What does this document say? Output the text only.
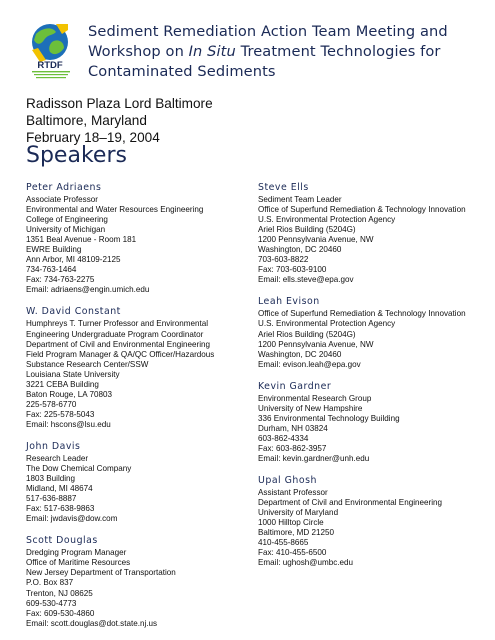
RTDF
Sediment Remediation Action Team Meeting and Workshop on In Situ Treatment Technologies for Contaminated Sediments
Radisson Plaza Lord Baltimore
Baltimore, Maryland
February 18–19, 2004
Speakers
Peter Adriaens
Associate Professor
Environmental and Water Resources Engineering
College of Engineering
University of Michigan
1351 Beal Avenue - Room 181
EWRE Building
Ann Arbor, MI 48109-2125
734-763-1464
Fax: 734-763-2275
Email: adriaens@engin.umich.edu
W. David Constant
Humphreys T. Turner Professor and Environmental
Engineering Undergraduate Program Coordinator
Department of Civil and Environmental Engineering
Field Program Manager & QA/QC Officer/Hazardous
Substance Research Center/SSW
Louisiana State University
3221 CEBA Building
Baton Rouge, LA 70803
225-578-6770
Fax: 225-578-5043
Email: hscons@lsu.edu
John Davis
Research Leader
The Dow Chemical Company
1803 Building
Midland, MI 48674
517-636-8887
Fax: 517-638-9863
Email: jwdavis@dow.com
Scott Douglas
Dredging Program Manager
Office of Maritime Resources
New Jersey Department of Transportation
P.O. Box 837
Trenton, NJ 08625
609-530-4773
Fax: 609-530-4860
Email: scott.douglas@dot.state.nj.us
Steve Ells
Sediment Team Leader
Office of Superfund Remediation & Technology Innovation
U.S. Environmental Protection Agency
Ariel Rios Building (5204G)
1200 Pennsylvania Avenue, NW
Washington, DC 20460
703-603-8822
Fax: 703-603-9100
Email: ells.steve@epa.gov
Leah Evison
Office of Superfund Remediation & Technology Innovation
U.S. Environmental Protection Agency
Ariel Rios Building (5204G)
1200 Pennsylvania Avenue, NW
Washington, DC 20460
Email: evison.leah@epa.gov
Kevin Gardner
Environmental Research Group
University of New Hampshire
336 Environmental Technology Building
Durham, NH 03824
603-862-4334
Fax: 603-862-3957
Email: kevin.gardner@unh.edu
Upal Ghosh
Assistant Professor
Department of Civil and Environmental Engineering
University of Maryland
1000 Hilltop Circle
Baltimore, MD 21250
410-455-8665
Fax: 410-455-6500
Email: ughosh@umbc.edu
